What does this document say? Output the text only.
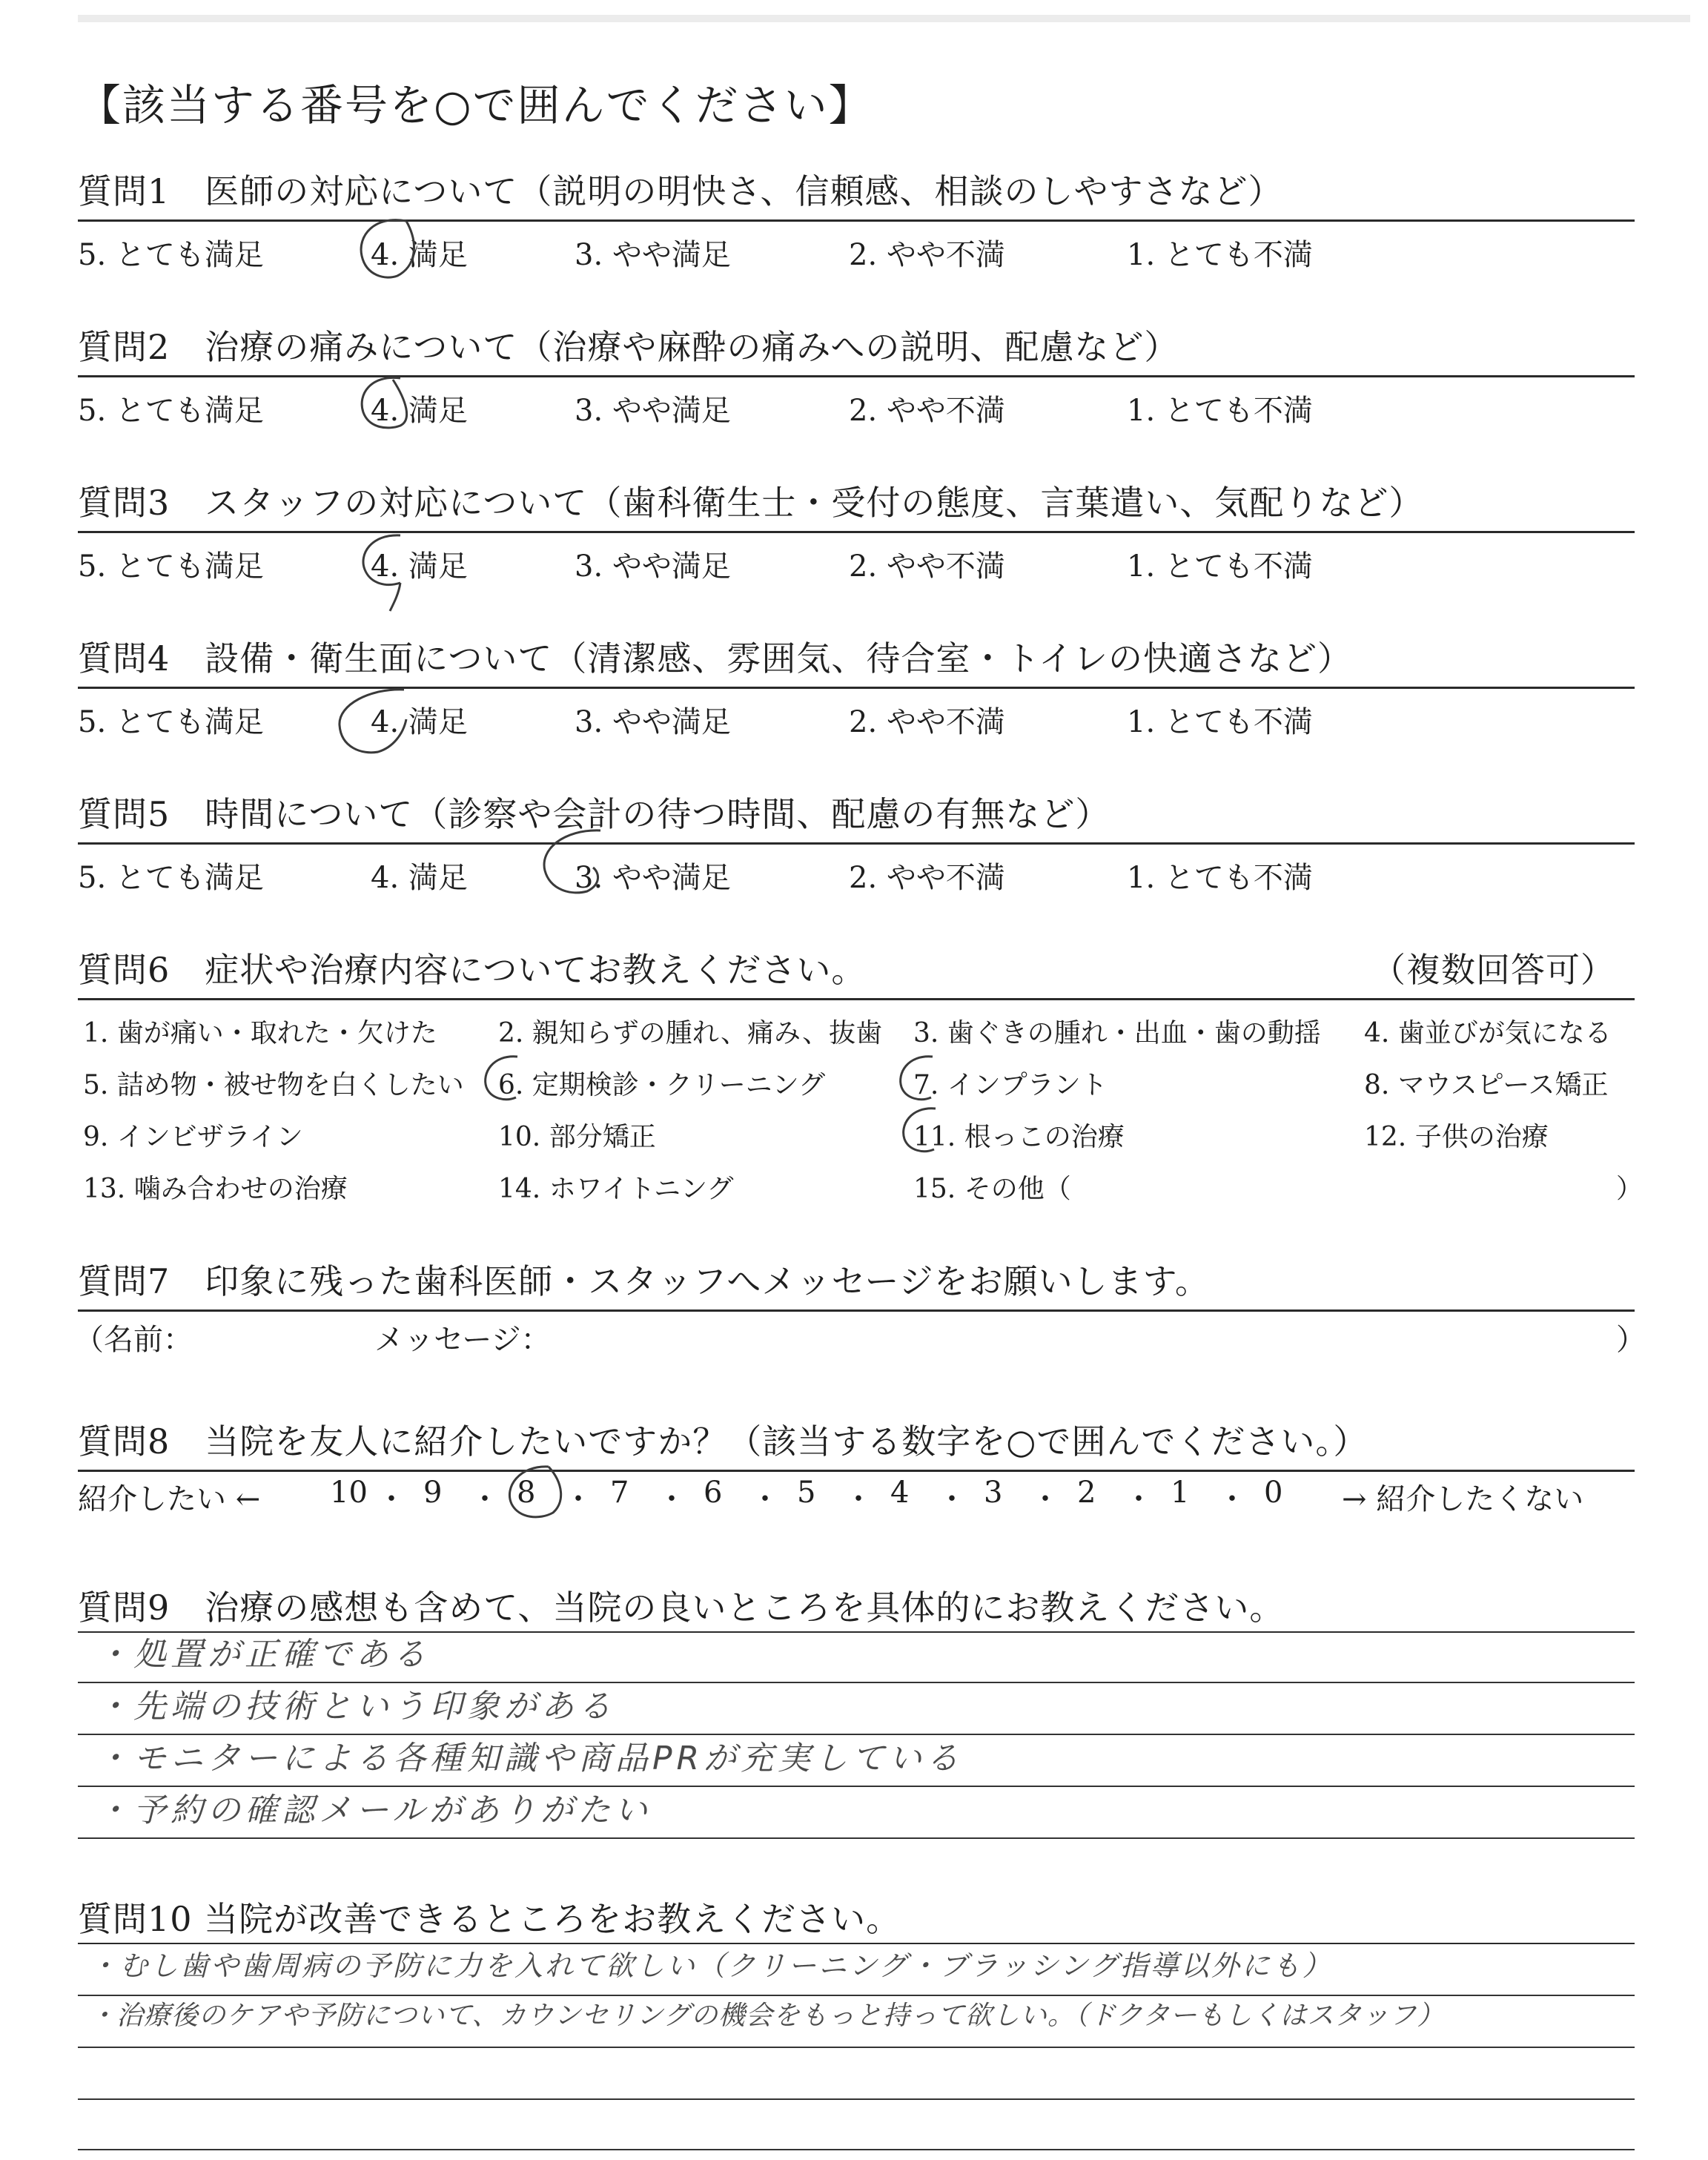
【該当する番号を○で囲んでください】
質問1　医師の対応について（説明の明快さ、信頼感、相談のしやすさなど）
5. とても満足	4. 満足	3. やや満足	2. やや不満	1. とても不満
質問2　治療の痛みについて（治療や麻酔の痛みへの説明、配慮など）
5. とても満足	4. 満足	3. やや満足	2. やや不満	1. とても不満
質問3　スタッフの対応について（歯科衛生士・受付の態度、言葉遣い、気配りなど）
5. とても満足	4. 満足	3. やや満足	2. やや不満	1. とても不満
質問4　設備・衛生面について（清潔感、雰囲気、待合室・トイレの快適さなど）
5. とても満足	4. 満足	3. やや満足	2. やや不満	1. とても不満
質問5　時間について（診察や会計の待つ時間、配慮の有無など）
5. とても満足	4. 満足	3. やや満足	2. やや不満	1. とても不満
質問6　症状や治療内容についてお教えください。	（複数回答可）
1. 歯が痛い・取れた・欠けた 2. 親知らずの腫れ、痛み、抜歯 3. 歯ぐきの腫れ・出血・歯の動揺 4. 歯並びが気になる
5. 詰め物・被せ物を白くしたい 6. 定期検診・クリーニング	7. インプラント	8. マウスピース矯正
9. インビザライン	10. 部分矯正	11. 根っこの治療	12. 子供の治療
13. 噛み合わせの治療	14. ホワイトニング	15. その他（	）
質問7　印象に残った歯科医師・スタッフへメッセージをお願いします。
（名前：	メッセージ：	）
質問8　当院を友人に紹介したいですか？（該当する数字を○で囲んでください。）
紹介したい ←	→ 紹介したくない
10 ・ 9 ・ 8 ・ 7 ・ 6 ・ 5 ・ 4 ・ 3 ・ 2 ・ 1 ・ 0
質問9　治療の感想も含めて、当院の良いところを具体的にお教えください。
・処置が正確である
・先端の技術という印象がある
・モニターによる各種知識や商品PRが充実している
・予約の確認メールがありがたい
質問10 当院が改善できるところをお教えください。
・むし歯や歯周病の予防に力を入れて欲しい（クリーニング・ブラッシング指導以外にも）
・治療後のケアや予防について、カウンセリングの機会をもっと持って欲しい。（ドクターもしくはスタッフ）
